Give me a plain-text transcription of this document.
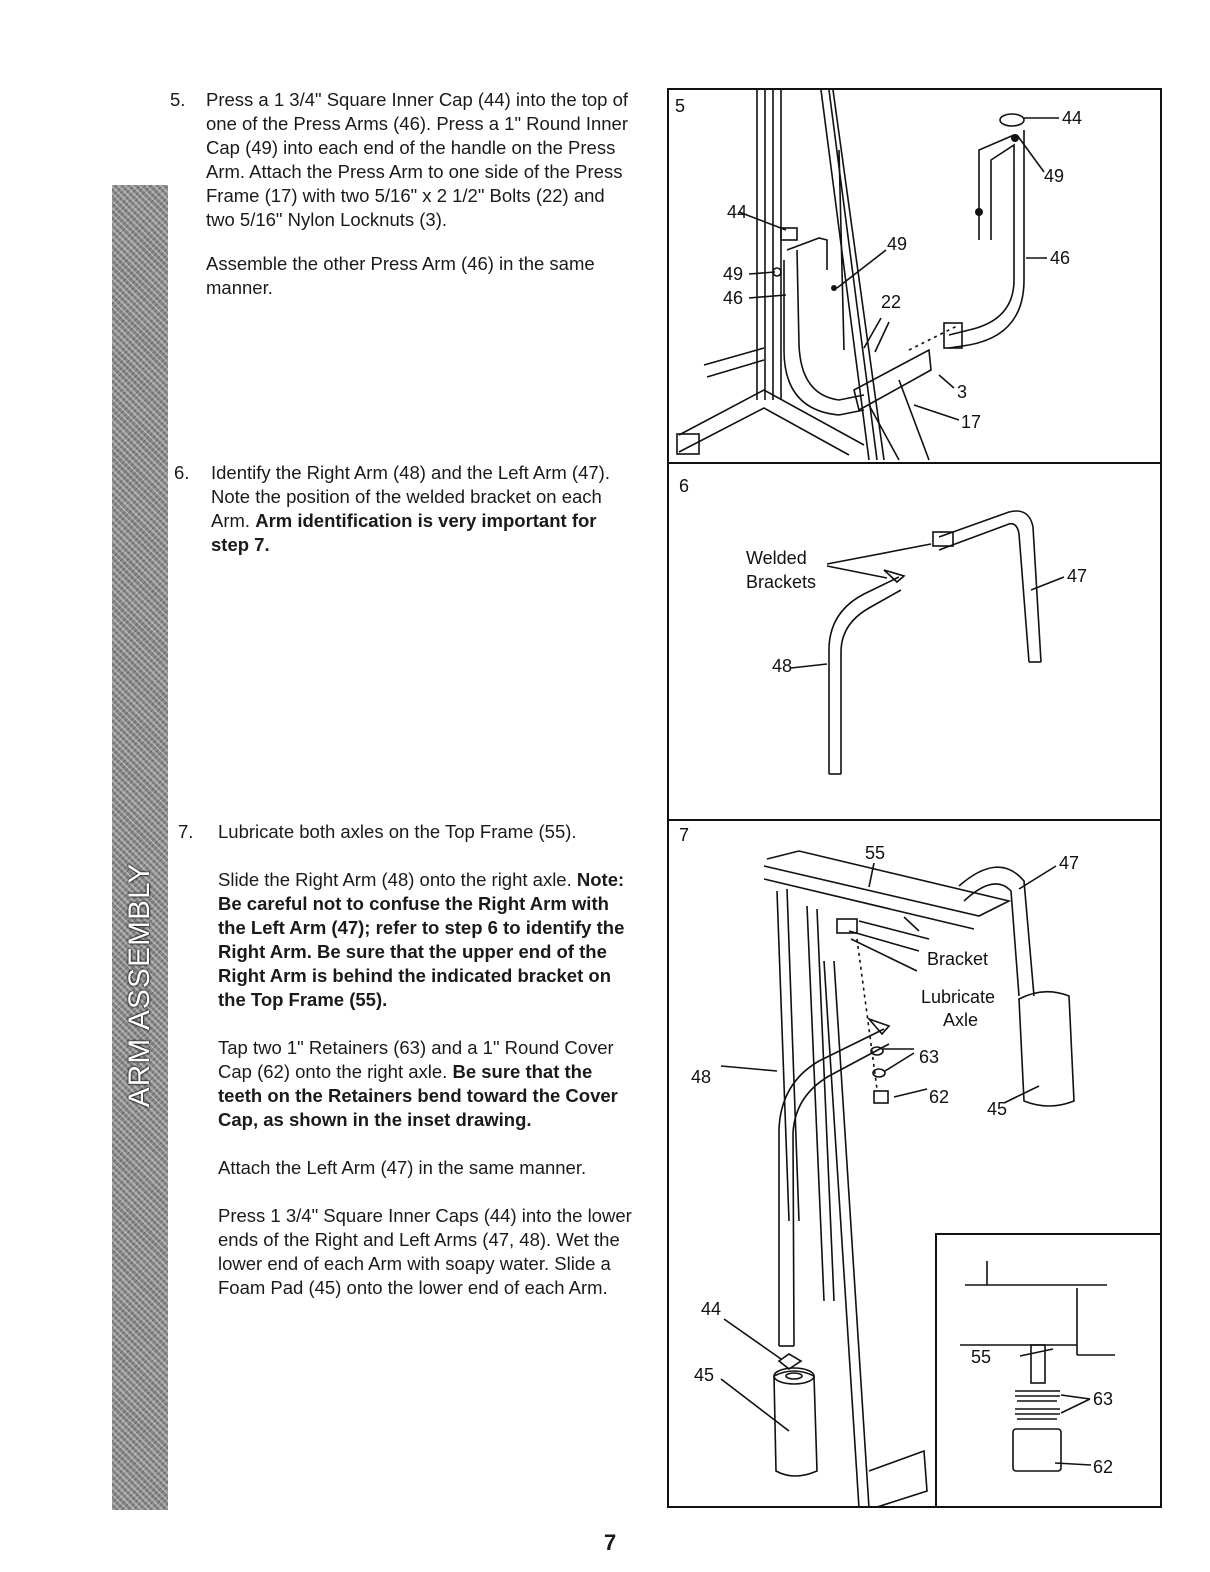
ARM ASSEMBLY
5. Press a 1 3/4" Square Inner Cap (44) into the top of one of the Press Arms (46). Press a 1" Round Inner Cap (49) into each end of the handle on the Press Arm. Attach the Press Arm to one side of the Press Frame (17) with two 5/16" x 2 1/2" Bolts (22) and two 5/16" Nylon Locknuts (3).

Assemble the other Press Arm (46) in the same manner.

6. Identify the Right Arm (48) and the Left Arm (47). Note the position of the welded bracket on each Arm. Arm identification is very important for step 7.

7. Lubricate both axles on the Top Frame (55).

Slide the Right Arm (48) onto the right axle. Note: Be careful not to confuse the Right Arm with the Left Arm (47); refer to step 6 to identify the Right Arm. Be sure that the upper end of the Right Arm is behind the indicated bracket on the Top Frame (55).

Tap two 1" Retainers (63) and a 1" Round Cover Cap (62) onto the right axle. Be sure that the teeth on the Retainers bend toward the Cover Cap, as shown in the inset drawing.

Attach the Left Arm (47) in the same manner.

Press 1 3/4" Square Inner Caps (44) into the lower ends of the Right and Left Arms (47, 48). Wet the lower end of each Arm with soapy water. Slide a Foam Pad (45) onto the lower end of each Arm.

5
44
49
46
44
49
46
49
22
3
17
6
Welded
Brackets	47
48
7
55	47
Bracket
Lubricate
Axle
63
62
45
48
44
45
55
63
62
7
